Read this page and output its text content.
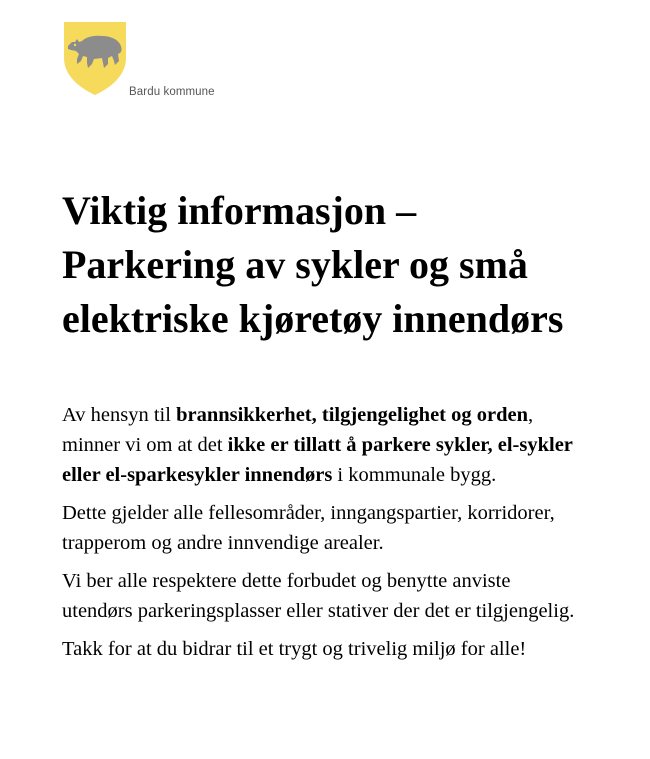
Bardu kommune
Viktig informasjon –
Parkering av sykler og små
elektriske kjøretøy innendørs

Av hensyn til brannsikkerhet, tilgjengelighet og orden, minner vi om at det ikke er tillatt å parkere sykler, el-sykler eller el-sparkesykler innendørs i kommunale bygg.

Dette gjelder alle fellesområder, inngangspartier, korridorer, trapperom og andre innvendige arealer.

Vi ber alle respektere dette forbudet og benytte anviste utendørs parkeringsplasser eller stativer der det er tilgjengelig.

Takk for at du bidrar til et trygt og trivelig miljø for alle!
